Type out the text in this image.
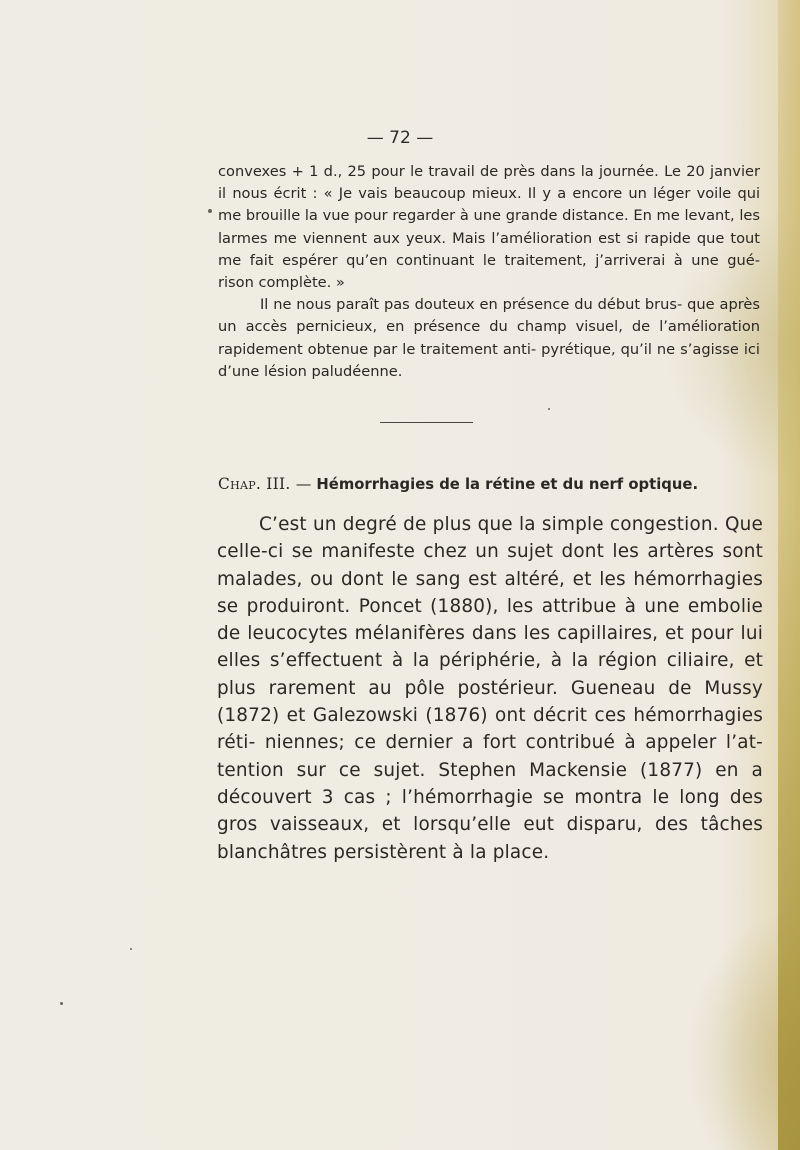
— 72 —

convexes + 1 d., 25 pour le travail de près dans la journée. Le 20 janvier il nous écrit : « Je vais beaucoup mieux. Il y a encore un léger voile qui me brouille la vue pour regarder à une grande distance. En me levant, les larmes me viennent aux yeux. Mais l’amélioration est si rapide que tout me fait espérer qu’en continuant le traitement, j’arriverai à une gué- rison complète. »

Il ne nous paraît pas douteux en présence du début brus- que après un accès pernicieux, en présence du champ visuel, de l’amélioration rapidement obtenue par le traitement anti- pyrétique, qu’il ne s’agisse ici d’une lésion paludéenne.

Chap. III. — Hémorrhagies de la rétine et du nerf optique.

C’est un degré de plus que la simple congestion. Que celle-ci se manifeste chez un sujet dont les artères sont malades, ou dont le sang est altéré, et les hémorrhagies se produiront. Poncet (1880), les attribue à une embolie de leucocytes mélanifères dans les capillaires, et pour lui elles s’effectuent à la périphérie, à la région ciliaire, et plus rarement au pôle postérieur. Gueneau de Mussy (1872) et Galezowski (1876) ont décrit ces hémorrhagies réti- niennes; ce dernier a fort contribué à appeler l’at- tention sur ce sujet. Stephen Mackensie (1877) en a découvert 3 cas ; l’hémorrhagie se montra le long des gros vaisseaux, et lorsqu’elle eut disparu, des tâches blanchâtres persistèrent à la place.
